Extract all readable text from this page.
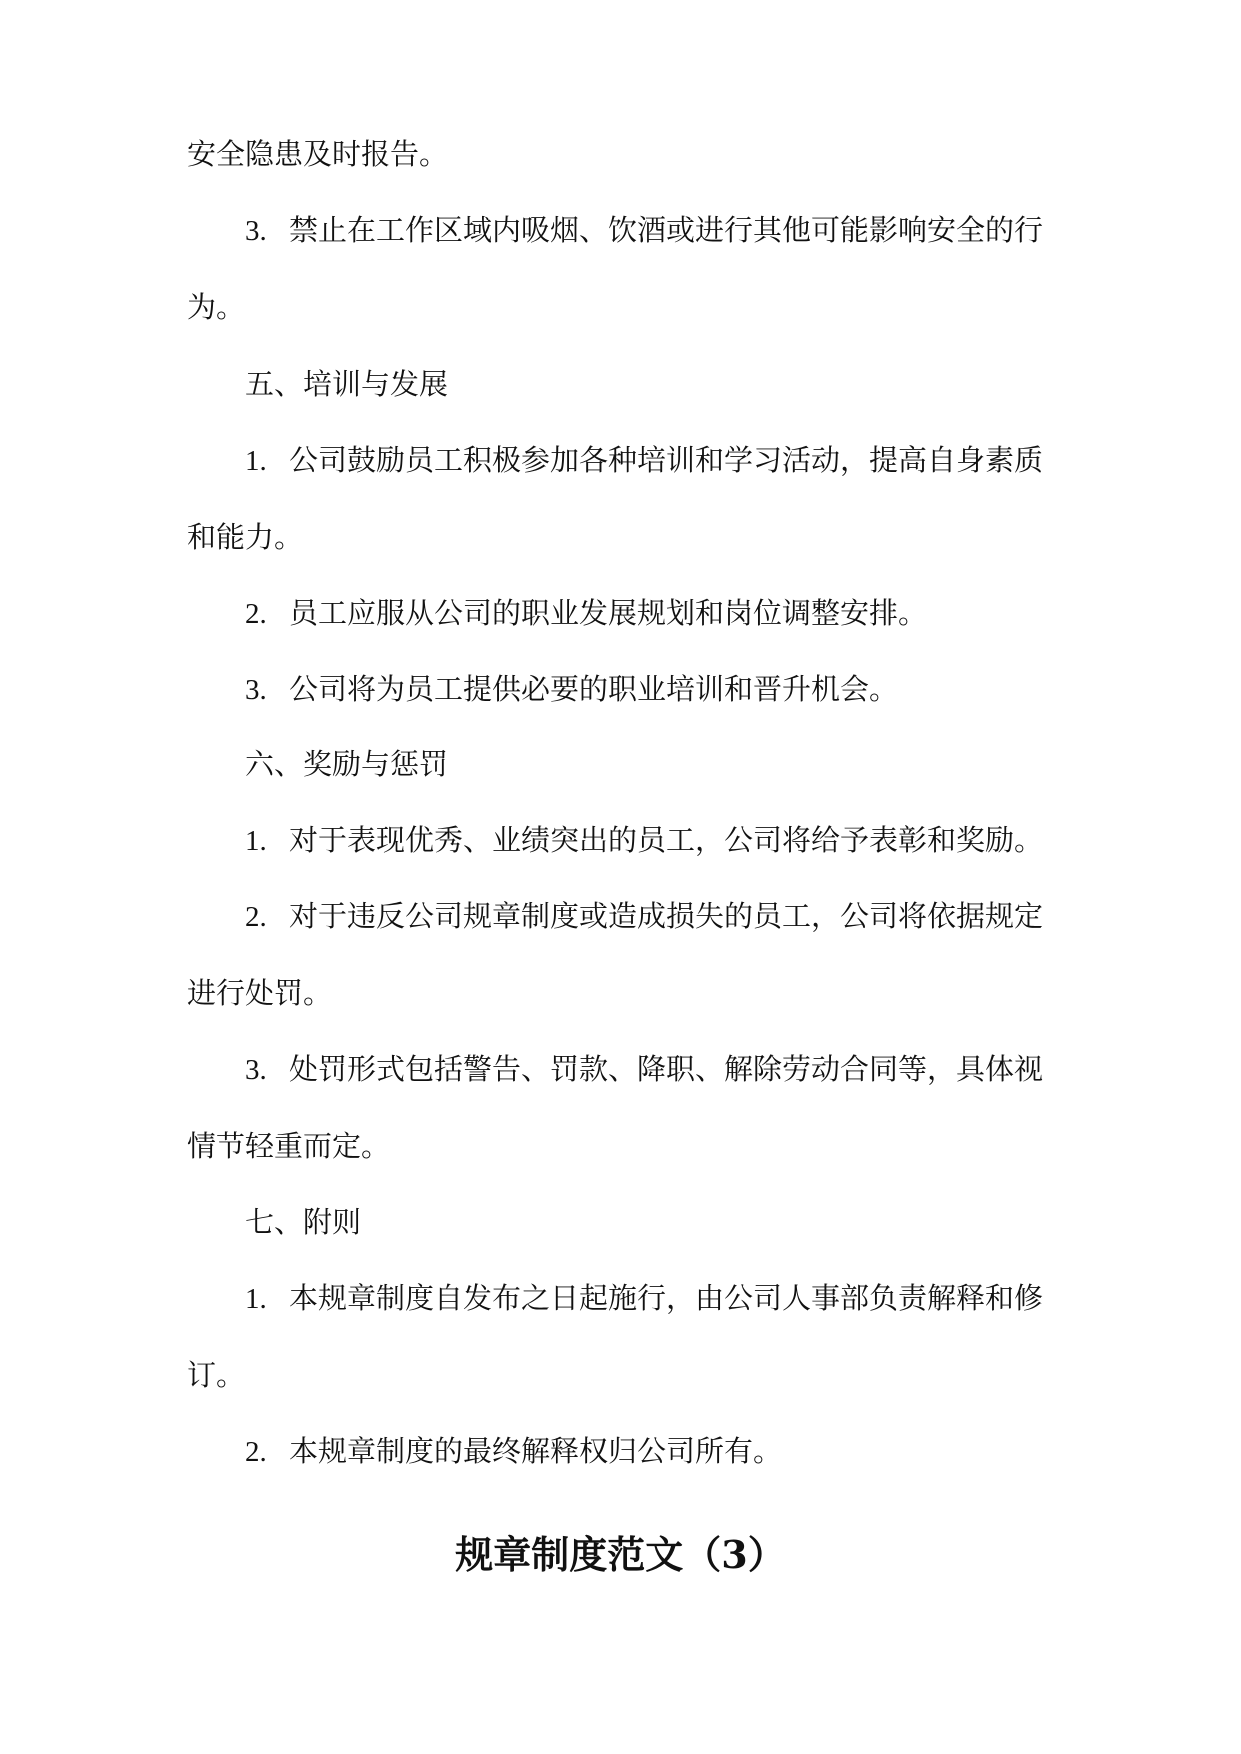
安全隐患及时报告。

3. 禁止在工作区域内吸烟、饮酒或进行其他可能影响安全的行为。

五、培训与发展

1. 公司鼓励员工积极参加各种培训和学习活动，提高自身素质和能力。

2. 员工应服从公司的职业发展规划和岗位调整安排。

3. 公司将为员工提供必要的职业培训和晋升机会。

六、奖励与惩罚

1. 对于表现优秀、业绩突出的员工，公司将给予表彰和奖励。

2. 对于违反公司规章制度或造成损失的员工，公司将依据规定进行处罚。

3. 处罚形式包括警告、罚款、降职、解除劳动合同等，具体视情节轻重而定。

七、附则

1. 本规章制度自发布之日起施行，由公司人事部负责解释和修订。

2. 本规章制度的最终解释权归公司所有。

规章制度范文（3）
